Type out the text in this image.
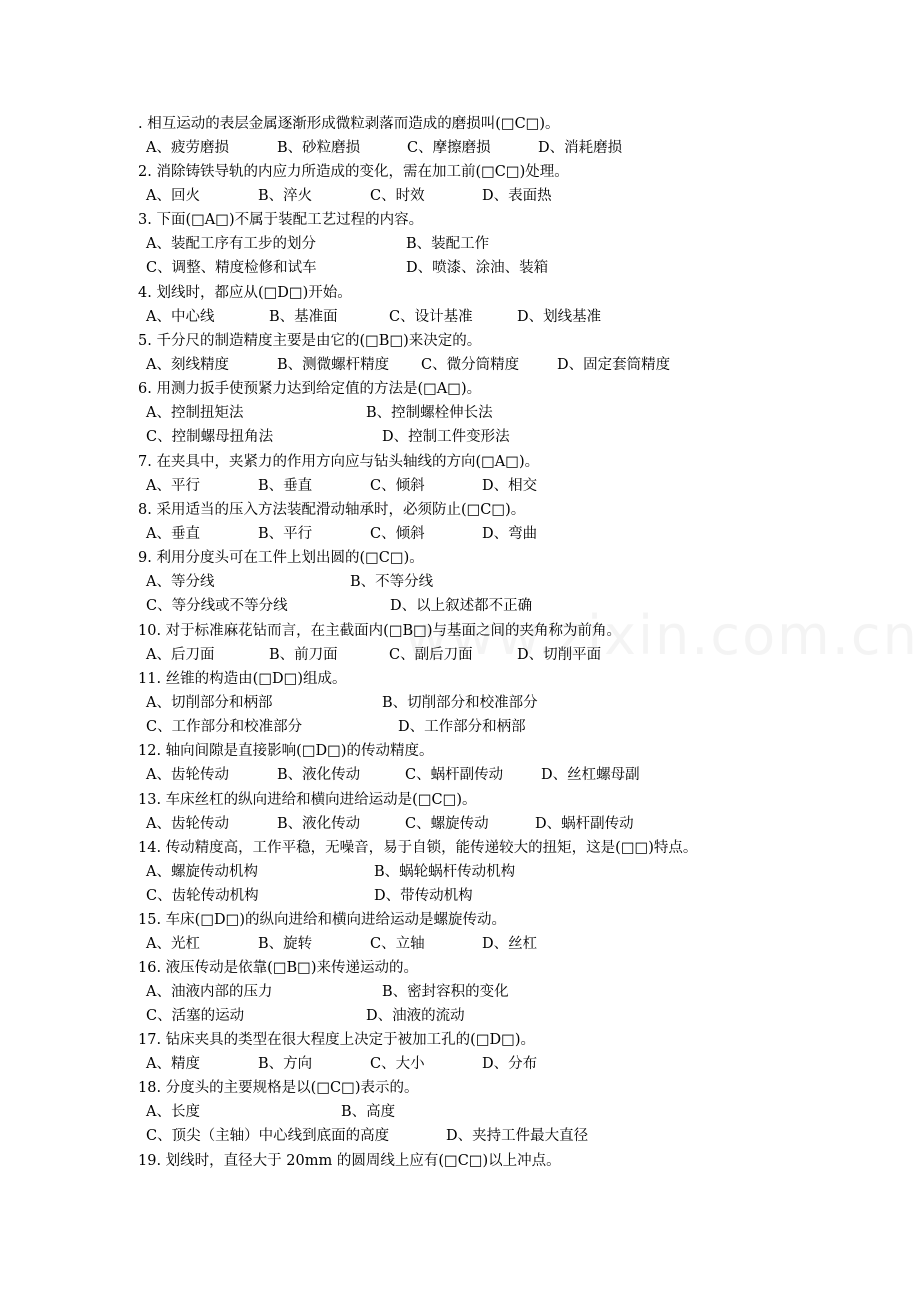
. 相互运动的表层金属逐渐形成微粒剥落而造成的磨损叫(□C□)。
A、疲劳磨损	B、砂粒磨损	C、摩擦磨损	D、消耗磨损
2. 消除铸铁导轨的内应力所造成的变化，需在加工前(□C□)处理。
A、回火	B、淬火	C、时效	D、表面热
3. 下面(□A□)不属于装配工艺过程的内容。
A、装配工序有工步的划分	B、装配工作
C、调整、精度检修和试车	D、喷漆、涂油、装箱
4. 划线时，都应从(□D□)开始。
A、中心线	B、基准面	C、设计基准	D、划线基准
5. 千分尺的制造精度主要是由它的(□B□)来决定的。
A、刻线精度	B、测微螺杆精度 C、微分筒精度	D、固定套筒精度
6. 用测力扳手使预紧力达到给定值的方法是(□A□)。
A、控制扭矩法	B、控制螺栓伸长法
C、控制螺母扭角法	D、控制工件变形法
7. 在夹具中，夹紧力的作用方向应与钻头轴线的方向(□A□)。
A、平行	B、垂直	C、倾斜	D、相交
8. 采用适当的压入方法装配滑动轴承时，必须防止(□C□)。
A、垂直	B、平行	C、倾斜	D、弯曲
9. 利用分度头可在工件上划出圆的(□C□)。
A、等分线	B、不等分线
C、等分线或不等分线	D、以上叙述都不正确
10. 对于标准麻花钻而言，在主截面内(□B□)与基面之间的夹角称为前角。
A、后刀面	B、前刀面	C、副后刀面	D、切削平面
11. 丝锥的构造由(□D□)组成。
A、切削部分和柄部	B、切削部分和校准部分
C、工作部分和校准部分	D、工作部分和柄部
12. 轴向间隙是直接影响(□D□)的传动精度。
A、齿轮传动	B、液化传动	C、蜗杆副传动	D、丝杠螺母副
13. 车床丝杠的纵向进给和横向进给运动是(□C□)。
A、齿轮传动	B、液化传动	C、螺旋传动	D、蜗杆副传动
14. 传动精度高，工作平稳，无噪音，易于自锁，能传递较大的扭矩，这是(□□)特点。
A、螺旋传动机构	B、蜗轮蜗杆传动机构
C、齿轮传动机构	D、带传动机构
15. 车床(□D□)的纵向进给和横向进给运动是螺旋传动。
A、光杠	B、旋转	C、立轴	D、丝杠
16. 液压传动是依靠(□B□)来传递运动的。
A、油液内部的压力	B、密封容积的变化
C、活塞的运动	D、油液的流动
17. 钻床夹具的类型在很大程度上决定于被加工孔的(□D□)。
A、精度	B、方向	C、大小	D、分布
18. 分度头的主要规格是以(□C□)表示的。
A、长度	B、高度
C、顶尖（主轴）中心线到底面的高度	D、夹持工件最大直径
19. 划线时，直径大于 20mm 的圆周线上应有(□C□)以上冲点。
